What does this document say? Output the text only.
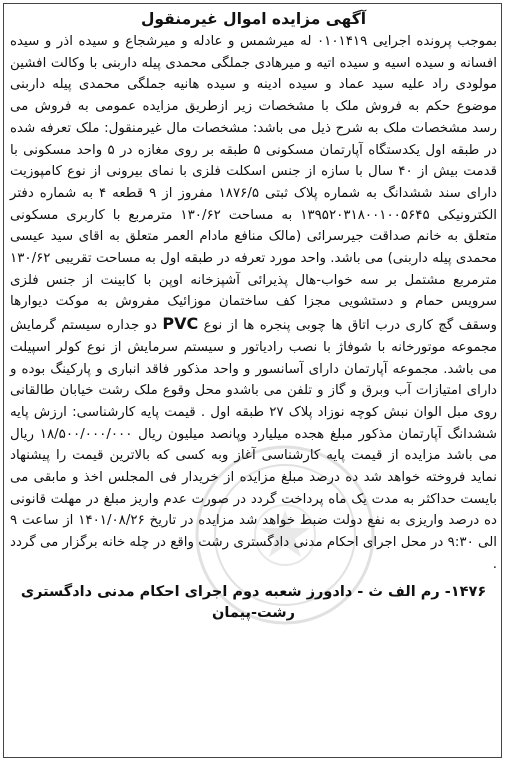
آگهی مزایده اموال غیرمنقول

بموجب پرونده اجرایی ۰۱۰۱۴۱۹ له میرشمس و عادله و میرشجاع و سیده اذر و سیده افسانه و سیده اسیه و سیده اتیه و میرهادی جملگی محمدی پیله داربنی با وکالت افشین مولودی راد علیه سید عماد و سیده ادینه و سیده هانیه جملگی محمدی پیله داربنی موضوع حکم به فروش ملک با مشخصات زیر ازطریق مزایده عمومی به فروش می رسد مشخصات ملک به شرح ذیل می باشد: مشخصات مال غیرمنقول: ملک تعرفه شده در طبقه اول یکدستگاه آپارتمان مسکونی ۵ طبقه بر روی مغازه در ۵ واحد مسکونی با قدمت بیش از ۴۰ سال با سازه از جنس اسکلت فلزی با نمای بیرونی از نوع کامپوزیت دارای سند ششدانگ به شماره پلاک ثبتی ۱۸۷۶/۵ مفروز از ۹ قطعه ۴ به شماره دفتر الکترونیکی ۱۳۹۵۲۰۳۱۸۰۰۱۰۰۵۶۴۵ به مساحت ۱۳۰/۶۲ مترمربع با کاربری مسکونی متعلق به خانم صداقت جیرسرائی (مالک منافع مادام العمر متعلق به اقای سید عیسی محمدی پیله داربنی) می باشد. واحد مورد تعرفه در طبقه اول به مساحت تقریبی ۱۳۰/۶۲ مترمربع مشتمل بر سه خواب-هال پذیرائی آشپزخانه اوپن با کابینت از جنس فلزی سرویس حمام و دستشویی مجزا کف ساختمان موزائیک مفروش به موکت دیوارها وسقف گچ کاری درب اتاق ها چوبی پنجره ها از نوع PVC دو جداره سیستم گرمایش مجموعه موتورخانه با شوفاژ با نصب رادیاتور و سیستم سرمایش از نوع کولر اسپیلت می باشد. مجموعه آپارتمان دارای آسانسور و واحد مذکور فاقد انباری و پارکینگ بوده و دارای امتیازات آب وبرق و گاز و تلفن می باشدو محل وقوع ملک رشت خیابان طالقانی روی مبل الوان نبش کوچه نوزاد پلاک ۲۷ طبقه اول . قیمت پایه کارشناسی: ارزش پایه ششدانگ آپارتمان مذکور مبلغ هجده میلیارد وپانصد میلیون ریال ۱۸/۵۰۰/۰۰۰/۰۰۰ ریال می باشد مزایده از قیمت پایه کارشناسی آغاز وبه کسی که بالاترین قیمت را پیشنهاد نماید فروخته خواهد شد ده درصد مبلغ مزایده از خریدار فی المجلس اخذ و مابقی می بایست حداکثر به مدت یک ماه پرداخت گردد در صورت عدم واریز مبلغ در مهلت قانونی ده درصد واریزی به نفع دولت ضبط خواهد شد مزایده در تاریخ ۱۴۰۱/۰۸/۲۶ از ساعت ۹ الی ۹:۳۰ در محل اجرای احکام مدنی دادگستری رشت واقع در چله خانه برگزار می گردد .

۱۴۷۶- رم الف ث - دادورز شعبه دوم اجرای احکام مدنی دادگستری
رشت-پیمان
